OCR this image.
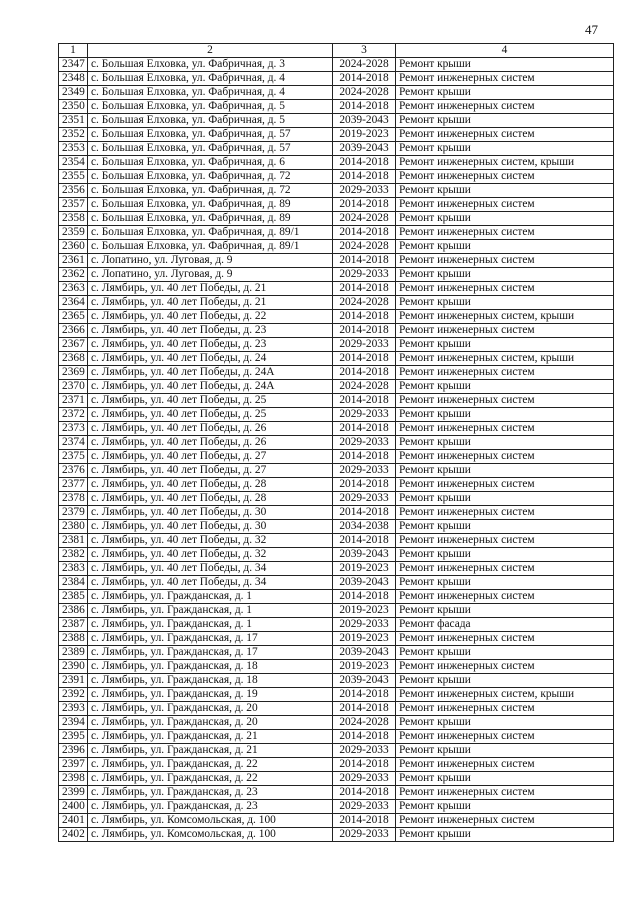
47
1	2	3	4
2347	с. Большая Елховка, ул. Фабричная, д. 3	2024-2028	Ремонт крыши
2348	с. Большая Елховка, ул. Фабричная, д. 4	2014-2018	Ремонт инженерных систем
2349	с. Большая Елховка, ул. Фабричная, д. 4	2024-2028	Ремонт крыши
2350	с. Большая Елховка, ул. Фабричная, д. 5	2014-2018	Ремонт инженерных систем
2351	с. Большая Елховка, ул. Фабричная, д. 5	2039-2043	Ремонт крыши
2352	с. Большая Елховка, ул. Фабричная, д. 57	2019-2023	Ремонт инженерных систем
2353	с. Большая Елховка, ул. Фабричная, д. 57	2039-2043	Ремонт крыши
2354	с. Большая Елховка, ул. Фабричная, д. 6	2014-2018	Ремонт инженерных систем, крыши
2355	с. Большая Елховка, ул. Фабричная, д. 72	2014-2018	Ремонт инженерных систем
2356	с. Большая Елховка, ул. Фабричная, д. 72	2029-2033	Ремонт крыши
2357	с. Большая Елховка, ул. Фабричная, д. 89	2014-2018	Ремонт инженерных систем
2358	с. Большая Елховка, ул. Фабричная, д. 89	2024-2028	Ремонт крыши
2359	с. Большая Елховка, ул. Фабричная, д. 89/1	2014-2018	Ремонт инженерных систем
2360	с. Большая Елховка, ул. Фабричная, д. 89/1	2024-2028	Ремонт крыши
2361	с. Лопатино, ул. Луговая, д. 9	2014-2018	Ремонт инженерных систем
2362	с. Лопатино, ул. Луговая, д. 9	2029-2033	Ремонт крыши
2363	с. Лямбирь, ул. 40 лет Победы, д. 21	2014-2018	Ремонт инженерных систем
2364	с. Лямбирь, ул. 40 лет Победы, д. 21	2024-2028	Ремонт крыши
2365	с. Лямбирь, ул. 40 лет Победы, д. 22	2014-2018	Ремонт инженерных систем, крыши
2366	с. Лямбирь, ул. 40 лет Победы, д. 23	2014-2018	Ремонт инженерных систем
2367	с. Лямбирь, ул. 40 лет Победы, д. 23	2029-2033	Ремонт крыши
2368	с. Лямбирь, ул. 40 лет Победы, д. 24	2014-2018	Ремонт инженерных систем, крыши
2369	с. Лямбирь, ул. 40 лет Победы, д. 24А	2014-2018	Ремонт инженерных систем
2370	с. Лямбирь, ул. 40 лет Победы, д. 24А	2024-2028	Ремонт крыши
2371	с. Лямбирь, ул. 40 лет Победы, д. 25	2014-2018	Ремонт инженерных систем
2372	с. Лямбирь, ул. 40 лет Победы, д. 25	2029-2033	Ремонт крыши
2373	с. Лямбирь, ул. 40 лет Победы, д. 26	2014-2018	Ремонт инженерных систем
2374	с. Лямбирь, ул. 40 лет Победы, д. 26	2029-2033	Ремонт крыши
2375	с. Лямбирь, ул. 40 лет Победы, д. 27	2014-2018	Ремонт инженерных систем
2376	с. Лямбирь, ул. 40 лет Победы, д. 27	2029-2033	Ремонт крыши
2377	с. Лямбирь, ул. 40 лет Победы, д. 28	2014-2018	Ремонт инженерных систем
2378	с. Лямбирь, ул. 40 лет Победы, д. 28	2029-2033	Ремонт крыши
2379	с. Лямбирь, ул. 40 лет Победы, д. 30	2014-2018	Ремонт инженерных систем
2380	с. Лямбирь, ул. 40 лет Победы, д. 30	2034-2038	Ремонт крыши
2381	с. Лямбирь, ул. 40 лет Победы, д. 32	2014-2018	Ремонт инженерных систем
2382	с. Лямбирь, ул. 40 лет Победы, д. 32	2039-2043	Ремонт крыши
2383	с. Лямбирь, ул. 40 лет Победы, д. 34	2019-2023	Ремонт инженерных систем
2384	с. Лямбирь, ул. 40 лет Победы, д. 34	2039-2043	Ремонт крыши
2385	с. Лямбирь, ул. Гражданская, д. 1	2014-2018	Ремонт инженерных систем
2386	с. Лямбирь, ул. Гражданская, д. 1	2019-2023	Ремонт крыши
2387	с. Лямбирь, ул. Гражданская, д. 1	2029-2033	Ремонт фасада
2388	с. Лямбирь, ул. Гражданская, д. 17	2019-2023	Ремонт инженерных систем
2389	с. Лямбирь, ул. Гражданская, д. 17	2039-2043	Ремонт крыши
2390	с. Лямбирь, ул. Гражданская, д. 18	2019-2023	Ремонт инженерных систем
2391	с. Лямбирь, ул. Гражданская, д. 18	2039-2043	Ремонт крыши
2392	с. Лямбирь, ул. Гражданская, д. 19	2014-2018	Ремонт инженерных систем, крыши
2393	с. Лямбирь, ул. Гражданская, д. 20	2014-2018	Ремонт инженерных систем
2394	с. Лямбирь, ул. Гражданская, д. 20	2024-2028	Ремонт крыши
2395	с. Лямбирь, ул. Гражданская, д. 21	2014-2018	Ремонт инженерных систем
2396	с. Лямбирь, ул. Гражданская, д. 21	2029-2033	Ремонт крыши
2397	с. Лямбирь, ул. Гражданская, д. 22	2014-2018	Ремонт инженерных систем
2398	с. Лямбирь, ул. Гражданская, д. 22	2029-2033	Ремонт крыши
2399	с. Лямбирь, ул. Гражданская, д. 23	2014-2018	Ремонт инженерных систем
2400	с. Лямбирь, ул. Гражданская, д. 23	2029-2033	Ремонт крыши
2401	с. Лямбирь, ул. Комсомольская, д. 100	2014-2018	Ремонт инженерных систем
2402	с. Лямбирь, ул. Комсомольская, д. 100	2029-2033	Ремонт крыши
